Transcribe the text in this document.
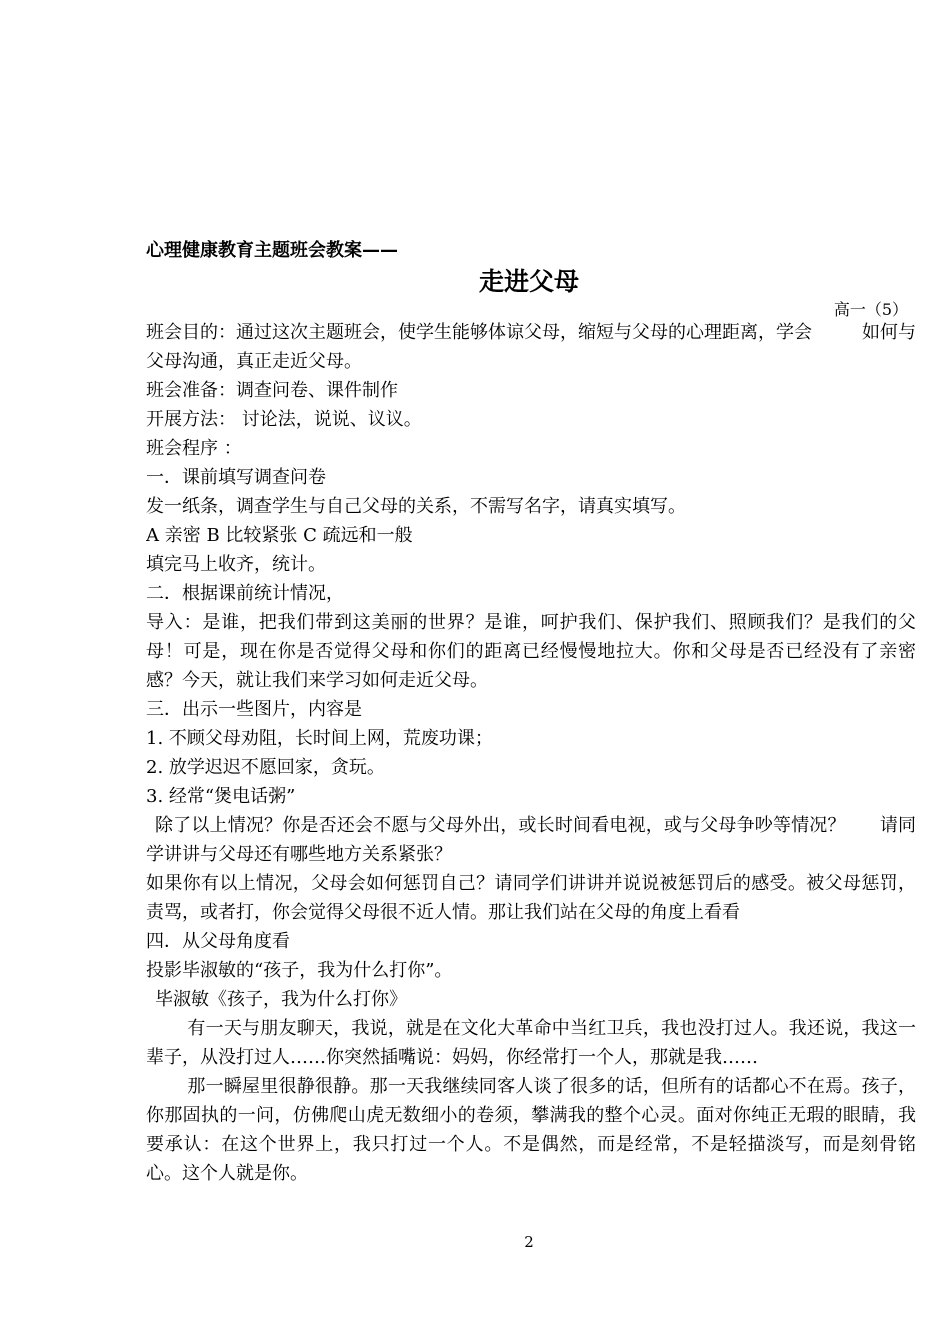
心理健康教育主题班会教案——
走进父母
高一（5）

班会目的：通过这次主题班会，使学生能够体谅父母，缩短与父母的心理距离，学会	如何与父母沟通，真正走近父母。

班会准备：调查问卷、课件制作

开展方法： 讨论法，说说、议议。

班会程序 ：

一．课前填写调查问卷

发一纸条，调查学生与自己父母的关系，不需写名字，请真实填写。

A 亲密 B 比较紧张 C 疏远和一般

填完马上收齐，统计。

二．根据课前统计情况，

导入：是谁，把我们带到这美丽的世界？是谁，呵护我们、保护我们、照顾我们？是我们的父母！可是，现在你是否觉得父母和你们的距离已经慢慢地拉大。你和父母是否已经没有了亲密感？今天，就让我们来学习如何走近父母。

三．出示一些图片，内容是

1. 不顾父母劝阻，长时间上网，荒废功课；

2. 放学迟迟不愿回家，贪玩。

3. 经常“煲电话粥”

除了以上情况？你是否还会不愿与父母外出，或长时间看电视，或与父母争吵等情况？ 请同学讲讲与父母还有哪些地方关系紧张？

如果你有以上情况，父母会如何惩罚自己？请同学们讲讲并说说被惩罚后的感受。被父母惩罚，责骂，或者打，你会觉得父母很不近人情。那让我们站在父母的角度上看看

四．从父母角度看

投影毕淑敏的“孩子，我为什么打你”。

毕淑敏《孩子，我为什么打你》

有一天与朋友聊天，我说，就是在文化大革命中当红卫兵，我也没打过人。我还说，我这一辈子，从没打过人……你突然插嘴说：妈妈，你经常打一个人，那就是我……

那一瞬屋里很静很静。那一天我继续同客人谈了很多的话，但所有的话都心不在焉。孩子，你那固执的一问，仿佛爬山虎无数细小的卷须，攀满我的整个心灵。面对你纯正无瑕的眼睛，我要承认：在这个世界上，我只打过一个人。不是偶然，而是经常，不是轻描淡写，而是刻骨铭心。这个人就是你。

2
